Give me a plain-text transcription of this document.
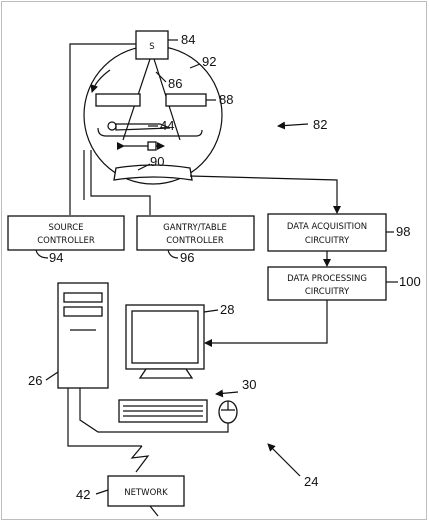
S
SOURCE
CONTROLLER
GANTRY/TABLE
CONTROLLER
DATA ACQUISITION
CIRCUITRY
DATA PROCESSING
CIRCUITRY
NETWORK
84
92
86
88
44	82
90
94	96
98
100
28
26	30
24
42
